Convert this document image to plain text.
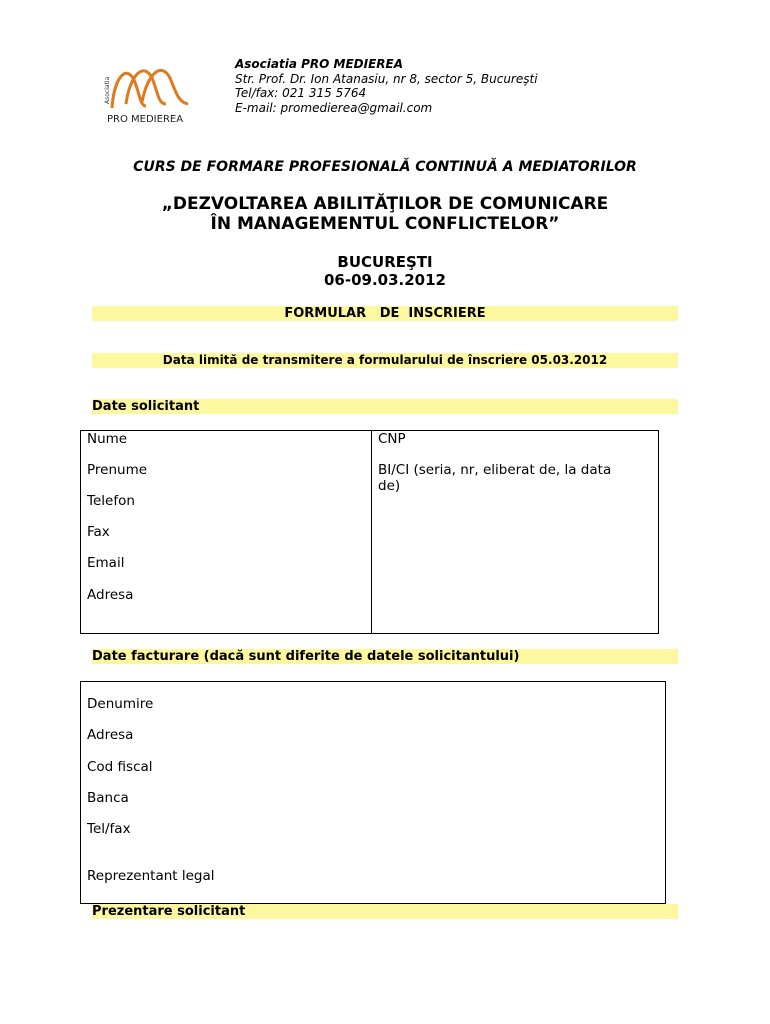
Asociatia
PRO MEDIEREA
Asociatia PRO MEDIEREA
Str. Prof. Dr. Ion Atanasiu, nr 8, sector 5, Bucureşti
Tel/fax: 021 315 5764
E-mail: promedierea@gmail.com
CURS DE FORMARE PROFESIONALĂ CONTINUĂ A MEDIATORILOR
„DEZVOLTAREA ABILITĂŢILOR DE COMUNICARE
ÎN MANAGEMENTUL CONFLICTELOR”
BUCUREŞTI
06-09.03.2012
FORMULAR   DE  INSCRIERE
Data limită de transmitere a formularului de înscriere 05.03.2012
Date solicitant
Nume
Prenume
Telefon
Fax
Email
Adresa
CNP
BI/CI (seria, nr, eliberat de, la data de)
Date facturare (dacă sunt diferite de datele solicitantului)
Denumire
Adresa
Cod fiscal
Banca
Tel/fax
Reprezentant legal
Prezentare solicitant
